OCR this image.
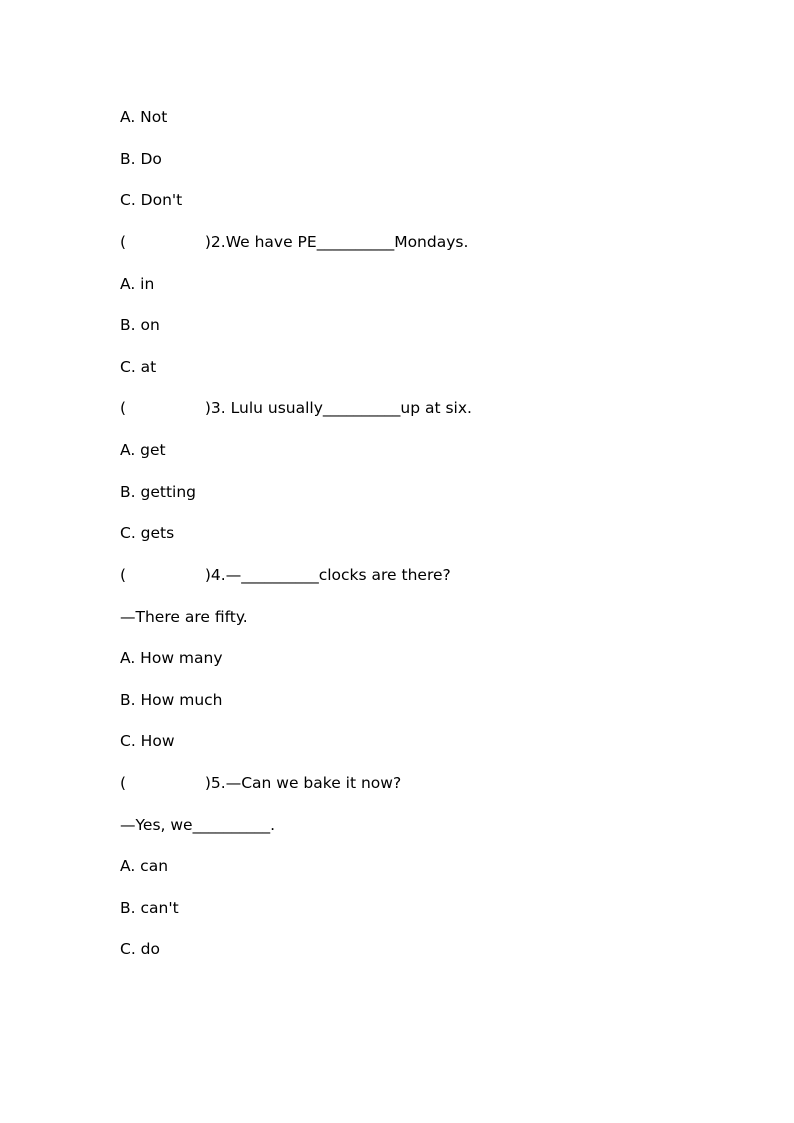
A. Not
B. Do
C. Don't
(                )2.We have PE__________Mondays.
A. in
B. on
C. at
(                )3. Lulu usually__________up at six.
A. get
B. getting
C. gets
(                )4.—__________clocks are there?
—There are fifty.
A. How many
B. How much
C. How
(                )5.—Can we bake it now?
—Yes, we__________.
A. can
B. can't
C. do
